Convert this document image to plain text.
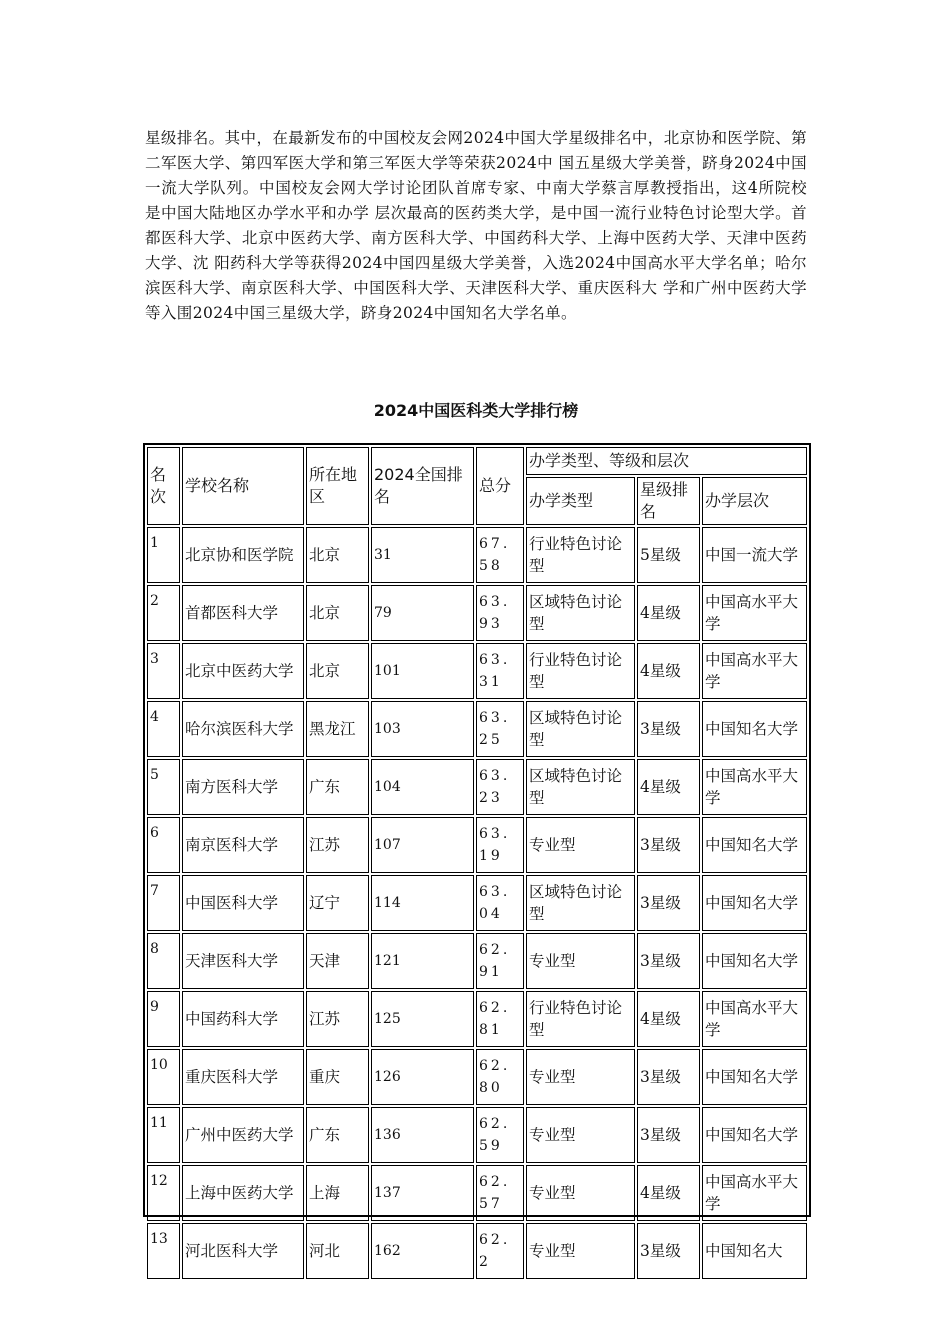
星级排名。其中，在最新发布的中国校友会网2024中国大学星级排名中，北京协和医学院、第二军医大学、第四军医大学和第三军医大学等荣获2024中 国五星级大学美誉，跻身2024中国一流大学队列。中国校友会网大学讨论团队首席专家、中南大学蔡言厚教授指出，这4所院校是中国大陆地区办学水平和办学 层次最高的医药类大学，是中国一流行业特色讨论型大学。首都医科大学、北京中医药大学、南方医科大学、中国药科大学、上海中医药大学、天津中医药大学、沈 阳药科大学等获得2024中国四星级大学美誉，入选2024中国高水平大学名单；哈尔滨医科大学、南京医科大学、中国医科大学、天津医科大学、重庆医科大 学和广州中医药大学等入围2024中国三星级大学，跻身2024中国知名大学名单。

2024中国医科类大学排行榜

名次	学校名称	所在地区	2024全国排名	总分	办学类型、等级和层次		
					办学类型	星级排名	办学层次
1	北京协和医学院	北京	31	67.58	行业特色讨论型	5星级	中国一流大学
2	首都医科大学	北京	79	63.93	区域特色讨论型	4星级	中国高水平大学
3	北京中医药大学	北京	101	63.31	行业特色讨论型	4星级	中国高水平大学
4	哈尔滨医科大学	黑龙江	103	63.25	区域特色讨论型	3星级	中国知名大学
5	南方医科大学	广东	104	63.23	区域特色讨论型	4星级	中国高水平大学
6	南京医科大学	江苏	107	63.19	专业型	3星级	中国知名大学
7	中国医科大学	辽宁	114	63.04	区域特色讨论型	3星级	中国知名大学
8	天津医科大学	天津	121	62.91	专业型	3星级	中国知名大学
9	中国药科大学	江苏	125	62.81	行业特色讨论型	4星级	中国高水平大学
10	重庆医科大学	重庆	126	62.80	专业型	3星级	中国知名大学
11	广州中医药大学	广东	136	62.59	专业型	3星级	中国知名大学
12	上海中医药大学	上海	137	62.57	专业型	4星级	中国高水平大学
13	河北医科大学	河北	162	62.2	专业型	3星级	中国知名大
